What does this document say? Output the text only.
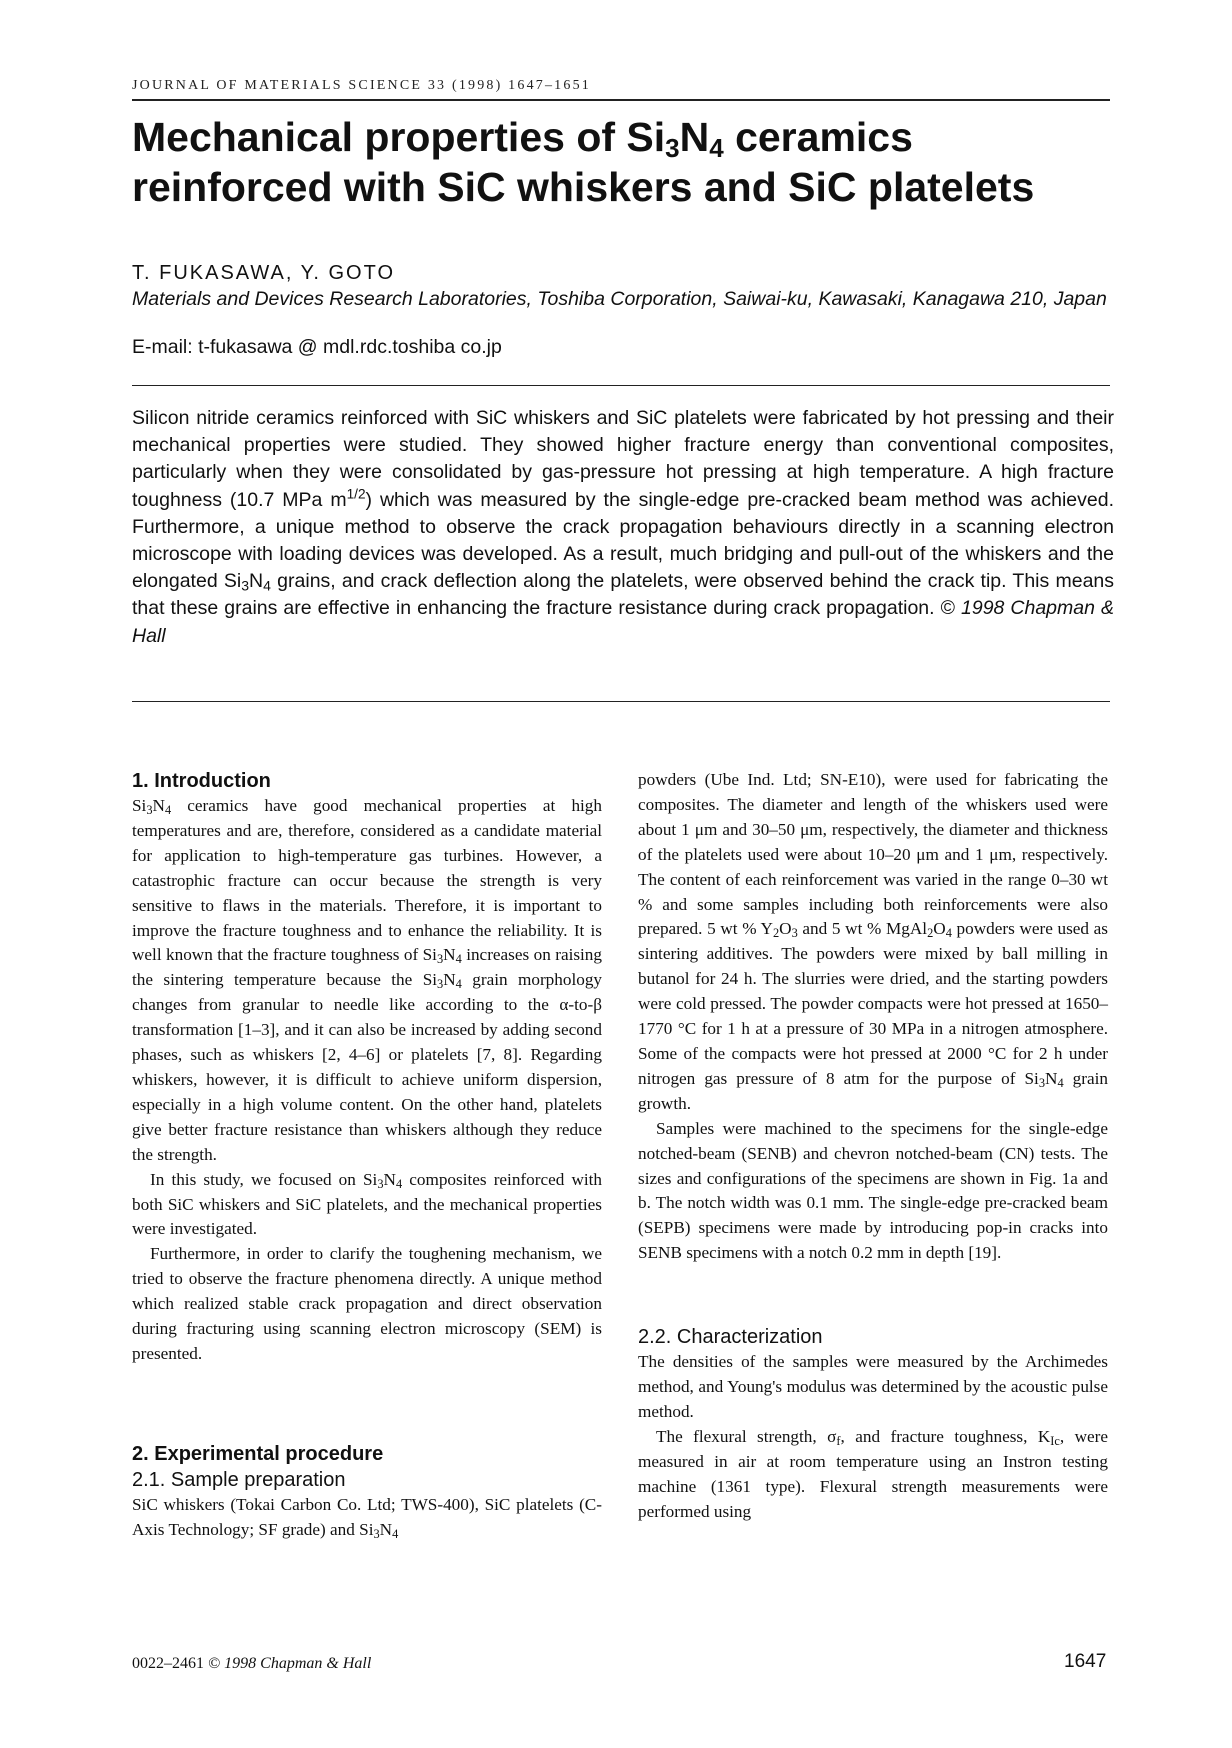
JOURNAL OF MATERIALS SCIENCE 33 (1998) 1647–1651
Mechanical properties of $Si_3N_4$ ceramics reinforced with SiC whiskers and SiC platelets
T. FUKASAWA, Y. GOTO
Materials and Devices Research Laboratories, Toshiba Corporation, Saiwai-ku, Kawasaki, Kanagawa 210, Japan
E-mail: t-fukasawa @ mdl.rdc.toshiba co.jp
Silicon nitride ceramics reinforced with SiC whiskers and SiC platelets were fabricated by hot pressing and their mechanical properties were studied. They showed higher fracture energy than conventional composites, particularly when they were consolidated by gas-pressure hot pressing at high temperature. A high fracture toughness (10.7 MPa $m^{1/2}$) which was measured by the single-edge pre-cracked beam method was achieved. Furthermore, a unique method to observe the crack propagation behaviours directly in a scanning electron microscope with loading devices was developed. As a result, much bridging and pull-out of the whiskers and the elongated $Si_3N_4$ grains, and crack deflection along the platelets, were observed behind the crack tip. This means that these grains are effective in enhancing the fracture resistance during crack propagation. © 1998 Chapman & Hall
1. Introduction

$Si_3N_4$ ceramics have good mechanical properties at high temperatures and are, therefore, considered as a candidate material for application to high-temperature gas turbines. However, a catastrophic fracture can occur because the strength is very sensitive to flaws in the materials. Therefore, it is important to improve the fracture toughness and to enhance the reliability. It is well known that the fracture toughness of $Si_3N_4$ increases on raising the sintering temperature because the $Si_3N_4$ grain morphology changes from granular to needle like according to the α-to-β transformation [1–3], and it can also be increased by adding second phases, such as whiskers [2, 4–6] or platelets [7, 8]. Regarding whiskers, however, it is difficult to achieve uniform dispersion, especially in a high volume content. On the other hand, platelets give better fracture resistance than whiskers although they reduce the strength.

In this study, we focused on $Si_3N_4$ composites reinforced with both SiC whiskers and SiC platelets, and the mechanical properties were investigated.

Furthermore, in order to clarify the toughening mechanism, we tried to observe the fracture phenomena directly. A unique method which realized stable crack propagation and direct observation during fracturing using scanning electron microscopy (SEM) is presented.

2. Experimental procedure
2.1. Sample preparation

SiC whiskers (Tokai Carbon Co. Ltd; TWS-400), SiC platelets (C-Axis Technology; SF grade) and $Si_3N_4$

powders (Ube Ind. Ltd; SN-E10), were used for fabricating the composites. The diameter and length of the whiskers used were about 1 μm and 30–50 μm, respectively, the diameter and thickness of the platelets used were about 10–20 μm and 1 μm, respectively. The content of each reinforcement was varied in the range 0–30 wt % and some samples including both reinforcements were also prepared. 5 wt % $Y_2O_3$ and 5 wt % $MgAl_2O_4$ powders were used as sintering additives. The powders were mixed by ball milling in butanol for 24 h. The slurries were dried, and the starting powders were cold pressed. The powder compacts were hot pressed at 1650–1770 °C for 1 h at a pressure of 30 MPa in a nitrogen atmosphere. Some of the compacts were hot pressed at 2000 °C for 2 h under nitrogen gas pressure of 8 atm for the purpose of $Si_3N_4$ grain growth.

Samples were machined to the specimens for the single-edge notched-beam (SENB) and chevron notched-beam (CN) tests. The sizes and configurations of the specimens are shown in Fig. 1a and b. The notch width was 0.1 mm. The single-edge pre-cracked beam (SEPB) specimens were made by introducing pop-in cracks into SENB specimens with a notch 0.2 mm in depth [19].

2.2. Characterization

The densities of the samples were measured by the Archimedes method, and Young's modulus was determined by the acoustic pulse method.

The flexural strength, $\sigma_f$, and fracture toughness, $K_{Ic}$, were measured in air at room temperature using an Instron testing machine (1361 type). Flexural strength measurements were performed using

0022–2461 © 1998 Chapman & Hall	1647
